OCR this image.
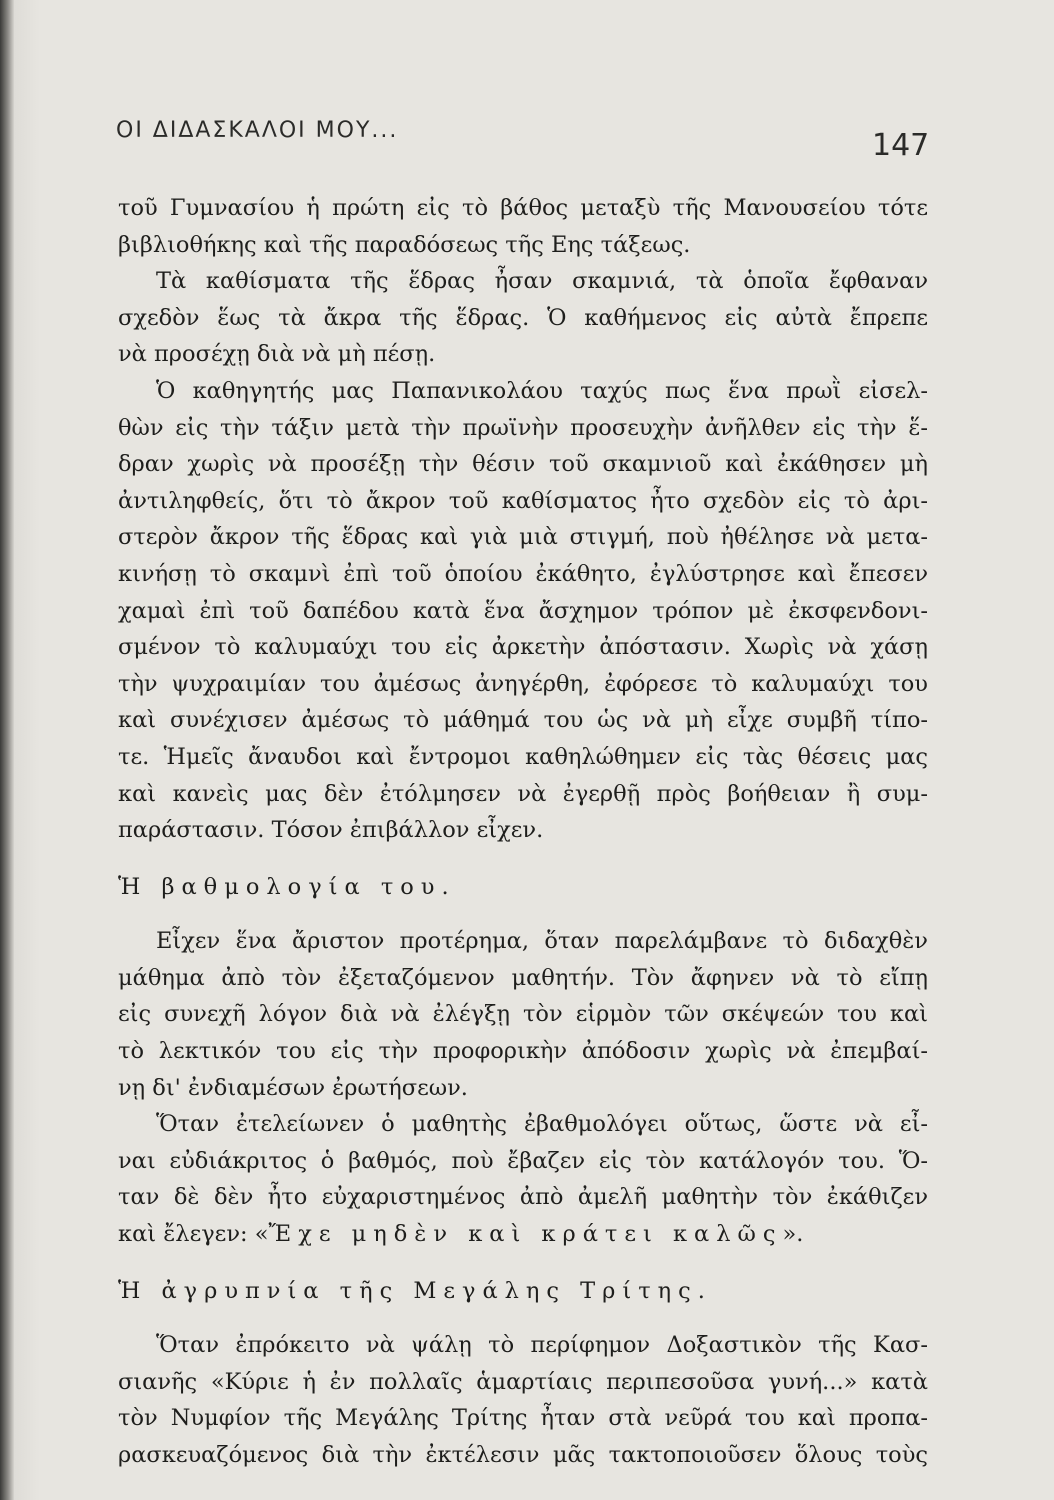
ΟΙ ΔΙΔΑΣΚΑΛΟΙ ΜΟΥ...	147
τοῦ Γυμνασίου ἡ πρώτη εἰς τὸ βάθος μεταξὺ τῆς Μανουσείου τότε
βιβλιοθήκης καὶ τῆς παραδόσεως τῆς Εης τάξεως.
Τὰ καθίσματα τῆς ἕδρας ἦσαν σκαμνιά, τὰ ὁποῖα ἔφθαναν
σχεδὸν ἕως τὰ ἄκρα τῆς ἕδρας. Ὁ καθήμενος εἰς αὐτὰ ἔπρεπε
νὰ προσέχῃ διὰ νὰ μὴ πέσῃ.
Ὁ καθηγητής μας Παπανικολάου ταχύς πως ἕνα πρωῒ εἰσελ-
θὼν εἰς τὴν τάξιν μετὰ τὴν πρωϊνὴν προσευχὴν ἀνῆλθεν εἰς τὴν ἕ-
δραν χωρὶς νὰ προσέξῃ τὴν θέσιν τοῦ σκαμνιοῦ καὶ ἐκάθησεν μὴ
ἀντιληφθείς, ὅτι τὸ ἄκρον τοῦ καθίσματος ἦτο σχεδὸν εἰς τὸ ἀρι-
στερὸν ἄκρον τῆς ἕδρας καὶ γιὰ μιὰ στιγμή, ποὺ ἠθέλησε νὰ μετα-
κινήσῃ τὸ σκαμνὶ ἐπὶ τοῦ ὁποίου ἐκάθητο, ἐγλύστρησε καὶ ἔπεσεν
χαμαὶ ἐπὶ τοῦ δαπέδου κατὰ ἕνα ἄσχημον τρόπον μὲ ἐκσφενδονι-
σμένον τὸ καλυμαύχι του εἰς ἀρκετὴν ἀπόστασιν. Χωρὶς νὰ χάσῃ
τὴν ψυχραιμίαν του ἀμέσως ἀνηγέρθη, ἐφόρεσε τὸ καλυμαύχι του
καὶ συνέχισεν ἀμέσως τὸ μάθημά του ὡς νὰ μὴ εἶχε συμβῆ τίπο-
τε. Ἡμεῖς ἄναυδοι καὶ ἔντρομοι καθηλώθημεν εἰς τὰς θέσεις μας
καὶ κανεὶς μας δὲν ἐτόλμησεν νὰ ἐγερθῇ πρὸς βοήθειαν ἢ συμ-
παράστασιν. Τόσον ἐπιβάλλον εἶχεν.
Ἡ βαθμολογία του.
Εἶχεν ἕνα ἄριστον προτέρημα, ὅταν παρελάμβανε τὸ διδαχθὲν
μάθημα ἀπὸ τὸν ἐξεταζόμενον μαθητήν. Τὸν ἄφηνεν νὰ τὸ εἴπῃ
εἰς συνεχῆ λόγον διὰ νὰ ἐλέγξῃ τὸν εἱρμὸν τῶν σκέψεών του καὶ
τὸ λεκτικόν του εἰς τὴν προφορικὴν ἀπόδοσιν χωρὶς νὰ ἐπεμβαί-
νῃ δι' ἐνδιαμέσων ἐρωτήσεων.
Ὅταν ἐτελείωνεν ὁ μαθητὴς ἐβαθμολόγει οὕτως, ὥστε νὰ εἶ-
ναι εὐδιάκριτος ὁ βαθμός, ποὺ ἔβαζεν εἰς τὸν κατάλογόν του. Ὅ-
ταν δὲ δὲν ἦτο εὐχαριστημένος ἀπὸ ἀμελῆ μαθητὴν τὸν ἐκάθιζεν
καὶ ἔλεγεν: «Ἔχε μηδὲν καὶ κράτει καλῶς».
Ἡ ἀγρυπνία τῆς Μεγάλης Τρίτης.
Ὅταν ἐπρόκειτο νὰ ψάλῃ τὸ περίφημον Δοξαστικὸν τῆς Κασ-
σιανῆς «Κύριε ἡ ἐν πολλαῖς ἁμαρτίαις περιπεσοῦσα γυνή...» κατὰ
τὸν Νυμφίον τῆς Μεγάλης Τρίτης ἦταν στὰ νεῦρά του καὶ προπα-
ρασκευαζόμενος διὰ τὴν ἐκτέλεσιν μᾶς τακτοποιοῦσεν ὅλους τοὺς
